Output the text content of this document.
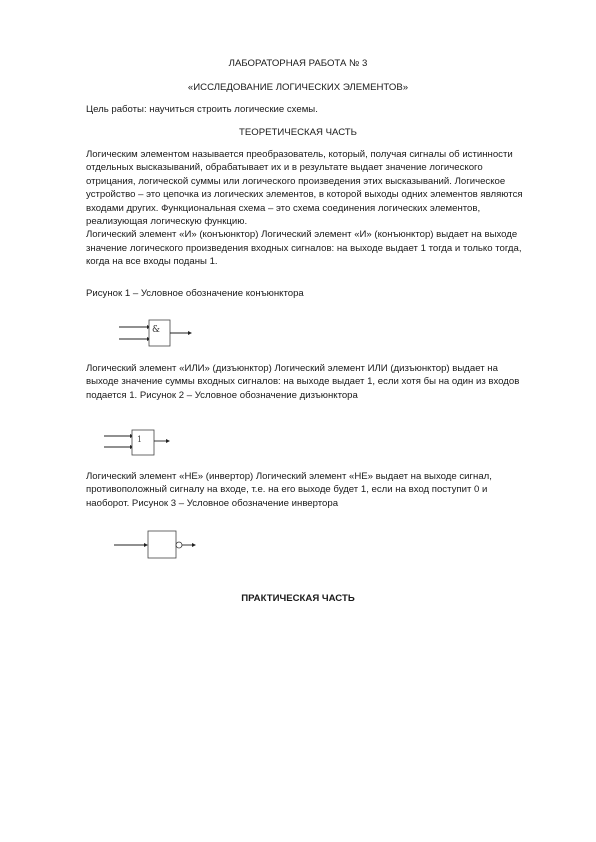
ЛАБОРАТОРНАЯ РАБОТА № 3
«ИССЛЕДОВАНИЕ ЛОГИЧЕСКИХ ЭЛЕМЕНТОВ»
Цель работы: научиться строить логические схемы.
ТЕОРЕТИЧЕСКАЯ ЧАСТЬ
Логическим элементом называется преобразователь, который, получая сигналы об истинности
отдельных высказываний, обрабатывает их и в результате выдает значение логического
отрицания, логической суммы или логического произведения этих высказываний. Логическое
устройство – это цепочка из логических элементов, в которой выходы одних элементов являются
входами других. Функциональная схема – это схема соединения логических элементов,
реализующая логическую функцию.
Логический элемент «И» (конъюнктор) Логический элемент «И» (конъюнктор) выдает на выходе
значение логического произведения входных сигналов: на выходе выдает 1 тогда и только тогда,
когда на все входы поданы 1.
Рисунок 1 – Условное обозначение конъюнктора
&
Логический элемент «ИЛИ» (дизъюнктор) Логический элемент ИЛИ (дизъюнктор) выдает на
выходе значение суммы входных сигналов: на выходе выдает 1, если хотя бы на один из входов
подается 1. Рисунок 2 – Условное обозначение дизъюнктора
1
Логический элемент «НЕ» (инвертор) Логический элемент «НЕ» выдает на выходе сигнал,
противоположный сигналу на входе, т.е. на его выходе будет 1, если на вход поступит 0 и
наоборот. Рисунок 3 – Условное обозначение инвертора
ПРАКТИЧЕСКАЯ ЧАСТЬ
